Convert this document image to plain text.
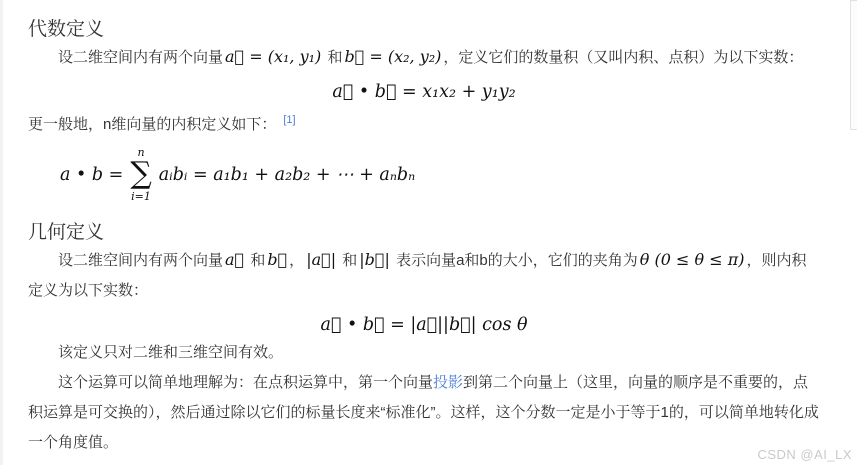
代数定义

设二维空间内有两个向量 a⃗ = (x₁, y₁) 和 b⃗ = (x₂, y₂) ，定义它们的数量积（又叫内积、点积）为以下实数：

a⃗ • b⃗ = x₁x₂ + y₁y₂

更一般地，n维向量的内积定义如下： [1]

a • b =
n
∑
i=1
aᵢbᵢ = a₁b₁ + a₂b₂ + ⋯ + aₙbₙ
几何定义

设二维空间内有两个向量 a⃗ 和 b⃗ ， |a⃗| 和 |b⃗| 表示向量a和b的大小，它们的夹角为 θ (0 ≤ θ ≤ π) ，则内积定义为以下实数：

a⃗ • b⃗ = |a⃗||b⃗| cos θ

该定义只对二维和三维空间有效。

这个运算可以简单地理解为：在点积运算中，第一个向量投影到第二个向量上（这里，向量的顺序是不重要的，点积运算是可交换的），然后通过除以它们的标量长度来“标准化”。这样，这个分数一定是小于等于1的，可以简单地转化成一个角度值。

CSDN @AI_LX
